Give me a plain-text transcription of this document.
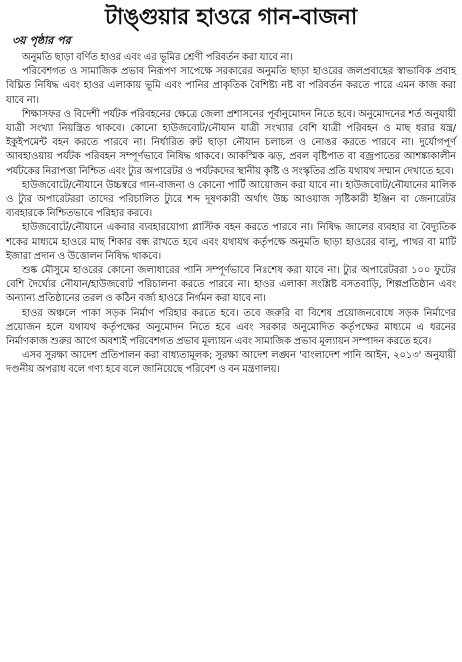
টাঙ্গুয়ার হাওরে গান-বাজনা
৩য় পৃষ্ঠার পর

অনুমতি ছাড়া বর্ণিত হাওর এবং এর ভূমির শ্রেণী পরিবর্তন করা যাবে না।

পরিবেশগত ও সামাজিক প্রভাব নিরূপণ সাপেক্ষে সরকারের অনুমতি ছাড়া হাওরের জলপ্রবাহের স্বাভাবিক প্রবাহ বিঘ্নিত নিষিদ্ধ এবং হাওর এলাকায় ভূমি এবং পানির প্রাকৃতিক বৈশিষ্ট্য নষ্ট বা পরিবর্তন করতে পারে এমন কাজ করা যাবে না।

শিক্ষাসফর ও বিদেশী পর্যটক পরিবহনের ক্ষেত্রে জেলা প্রশাসনের পূর্বানুমোদন নিতে হবে। অনুমোদনের শর্ত অনুযায়ী যাত্রী সংখ্যা নিয়ন্ত্রিত থাকবে। কোনো হাউজবোট/নৌযান যাত্রী সংখ্যার বেশি যাত্রী পরিবহন ও মাছ ধরার যন্ত্র/ইকুইপমেন্ট বহন করতে পারবে না। নির্ধারিত রুট ছাড়া নৌযান চলাচল ও নোঙর করতে পারবে না। দুর্যোগপূর্ণ আবহাওয়ায় পর্যটক পরিবহন সম্পূর্ণভাবে নিষিদ্ধ থাকবে। আকস্মিক ঝড়, প্রবল বৃষ্টিপাত বা বজ্রপাতের আশঙ্কাকালীন পর্যটকের নিরাপত্তা নিশ্চিত এবং ট্যুর অপারেটর ও পর্যটকদের স্থানীয় কৃষ্টি ও সংস্কৃতির প্রতি যথাযথ সম্মান দেখাতে হবে।

হাউজবোটে/নৌযানে উচ্চস্বরে গান-বাজনা ও কোনো পার্টি আয়োজন করা যাবে না। হাউজবোট/নৌযানের মালিক ও ট্যুর অপারেটররা তাদের পরিচালিত ট্যুরে শব্দ দূষণকারী অর্থাৎ উচ্চ আওয়াজ সৃষ্টিকারী ইঞ্জিন বা জেনারেটর ব্যবহারকে নিশ্চিতভাবে পরিহার করবে।

হাউজবোটে/নৌযানে একবার ব্যবহারযোগ্য প্লাস্টিক বহন করতে পারবে না। নিষিদ্ধ জালের ব্যবহার বা বৈদ্যুতিক শকের মাধ্যমে হাওরে মাছ শিকার বন্ধ রাখতে হবে এবং যথাযথ কর্তৃপক্ষে অনুমতি ছাড়া হাওরের বালু, পাথর বা মাটি ইজারা প্রদান ও উত্তোলন নিষিদ্ধ থাকবে।

শুষ্ক মৌসুমে হাওরের কোনো জলাধারের পানি সম্পূর্ণভাবে নিঃশেষ করা যাবে না। ট্যুর অপারেটররা ১০০ ফুটের বেশি দৈর্ঘ্যের নৌযান/হাউজবোট পরিচালনা করতে পারবে না। হাওর এলাকা সংশ্লিষ্ট বসতবাড়ি, শিল্পপ্রতিষ্ঠান এবং অন্যান্য প্রতিষ্ঠানের তরল ও কঠিন বর্জ্য হাওরে নির্গমন করা যাবে না।

হাওর অঞ্চলে পাকা সড়ক নির্মাণ পরিহার করতে হবে। তবে জরুরি বা বিশেষ প্রয়োজনবোধে সড়ক নির্মাণের প্রয়োজন হলে যথাযথ কর্তৃপক্ষের অনুমোদন নিতে হবে এবং সরকার অনুমোদিত কর্তৃপক্ষের মাধ্যমে এ ধরনের নির্মাণকাজ শুরুর আগে অবশ্যই পরিবেশগত প্রভাব মূল্যায়ন এবং সামাজিক প্রভাব মূল্যায়ন সম্পাদন করতে হবে।

এসব সুরক্ষা আদেশ প্রতিপালন করা বাধ্যতামূলক; সুরক্ষা আদেশ লঙ্ঘন 'বাংলাদেশ পানি আইন, ২০১৩' অনুযায়ী দণ্ডনীয় অপরাধ বলে গণ্য হবে বলে জানিয়েছে পরিবেশ ও বন মন্ত্রণালয়।
